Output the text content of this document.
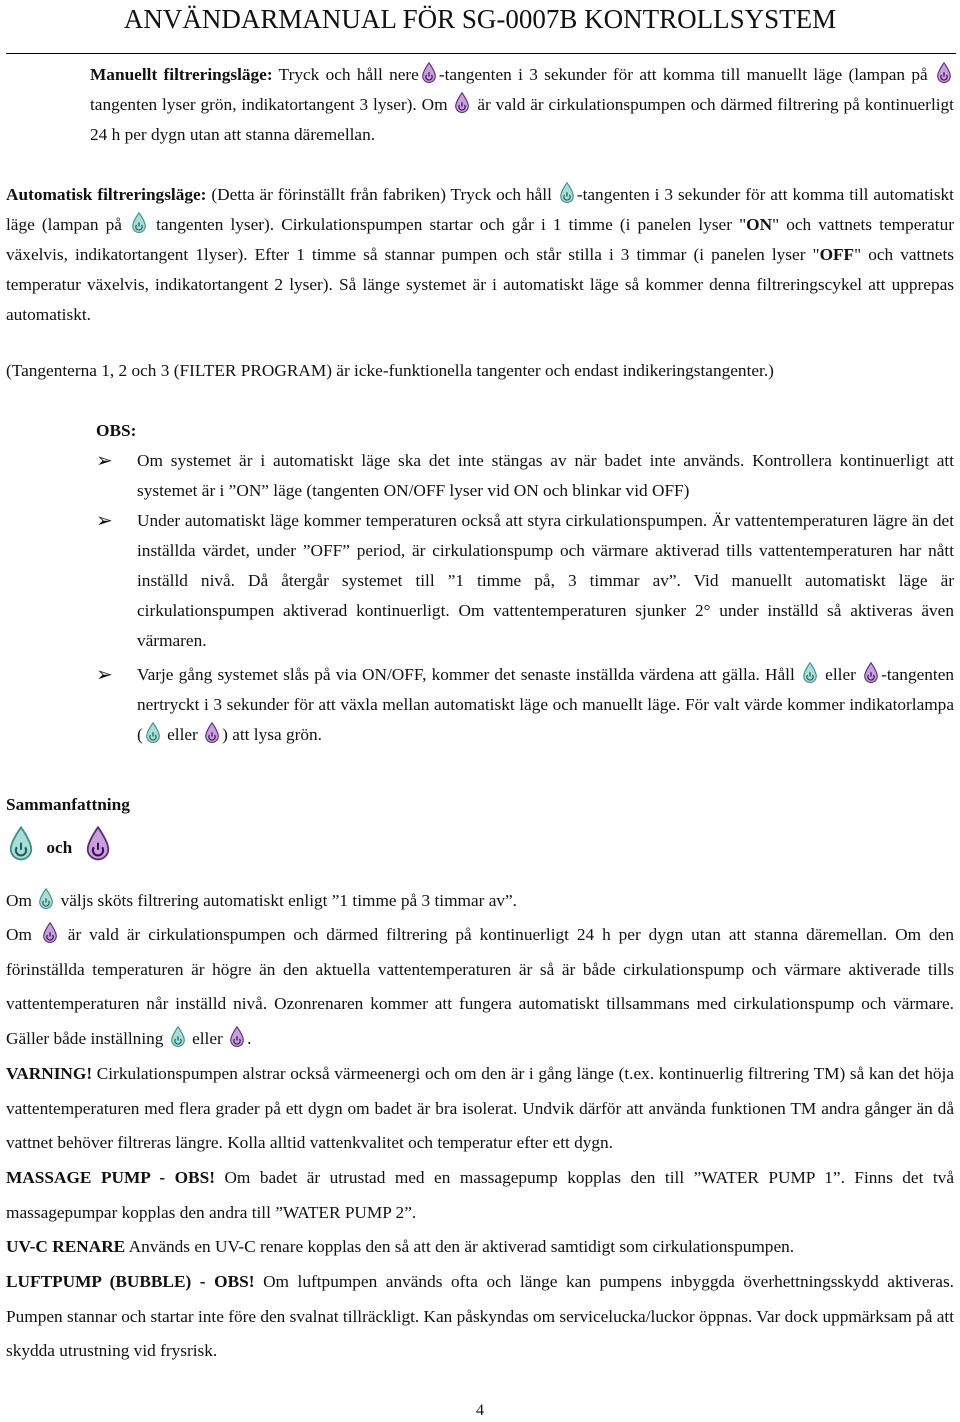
ANVÄNDARMANUAL FÖR SG-0007B KONTROLLSYSTEM

Manuellt filtreringsläge: Tryck och håll nere -tangenten i 3 sekunder för att komma till manuellt läge (lampan på
tangenten lyser grön, indikatortangent 3 lyser). Om är vald är cirkulationspumpen och därmed filtrering på kontinuerligt 24 h per dygn utan att stanna däremellan.

Automatisk filtreringsläge: (Detta är förinställt från fabriken) Tryck och håll -tangenten i 3 sekunder för att komma till automatiskt läge (lampan på tangenten lyser). Cirkulationspumpen startar och går i 1 timme (i panelen lyser "ON" och vattnets temperatur växelvis, indikatortangent 1lyser). Efter 1 timme så stannar pumpen och står stilla i 3 timmar (i panelen lyser "OFF" och vattnets temperatur växelvis, indikatortangent 2 lyser). Så länge systemet är i automatiskt läge så kommer denna filtreringscykel att upprepas automatiskt.

(Tangenterna 1, 2 och 3 (FILTER PROGRAM) är icke-funktionella tangenter och endast indikeringstangenter.)

OBS:

➢ Om systemet är i automatiskt läge ska det inte stängas av när badet inte används. Kontrollera kontinuerligt att systemet är i ”ON” läge (tangenten ON/OFF lyser vid ON och blinkar vid OFF)

➢ Under automatiskt läge kommer temperaturen också att styra cirkulationspumpen. Är vattentemperaturen lägre än det inställda värdet, under ”OFF” period, är cirkulationspump och värmare aktiverad tills vattentemperaturen har nått inställd nivå. Då återgår systemet till ”1 timme på, 3 timmar av”. Vid manuellt automatiskt läge är cirkulationspumpen aktiverad kontinuerligt. Om vattentemperaturen sjunker 2° under inställd så aktiveras även värmaren.

➢ Varje gång systemet slås på via ON/OFF, kommer det senaste inställda värdena att gälla. Håll eller -tangenten nertryckt i 3 sekunder för att växla mellan automatiskt läge och manuellt läge. För valt värde kommer indikatorlampa ( eller ) att lysa grön.

Sammanfattning

och

Om väljs sköts filtrering automatiskt enligt ”1 timme på 3 timmar av”.

Om är vald är cirkulationspumpen och därmed filtrering på kontinuerligt 24 h per dygn utan att stanna däremellan. Om den förinställda temperaturen är högre än den aktuella vattentemperaturen är så är både cirkulationspump och värmare aktiverade tills vattentemperaturen når inställd nivå. Ozonrenaren kommer att fungera automatiskt tillsammans med cirkulationspump och värmare. Gäller både inställning eller .

VARNING! Cirkulationspumpen alstrar också värmeenergi och om den är i gång länge (t.ex. kontinuerlig filtrering TM) så kan det höja vattentemperaturen med flera grader på ett dygn om badet är bra isolerat. Undvik därför att använda funktionen TM andra gånger än då vattnet behöver filtreras längre. Kolla alltid vattenkvalitet och temperatur efter ett dygn.

MASSAGE PUMP - OBS! Om badet är utrustad med en massagepump kopplas den till ”WATER PUMP 1”. Finns det två massagepumpar kopplas den andra till ”WATER PUMP 2”.

UV-C RENARE Används en UV-C renare kopplas den så att den är aktiverad samtidigt som cirkulationspumpen.

LUFTPUMP (BUBBLE) - OBS! Om luftpumpen används ofta och länge kan pumpens inbyggda överhettningsskydd aktiveras. Pumpen stannar och startar inte före den svalnat tillräckligt. Kan påskyndas om servicelucka/luckor öppnas. Var dock uppmärksam på att skydda utrustning vid frysrisk.

4
